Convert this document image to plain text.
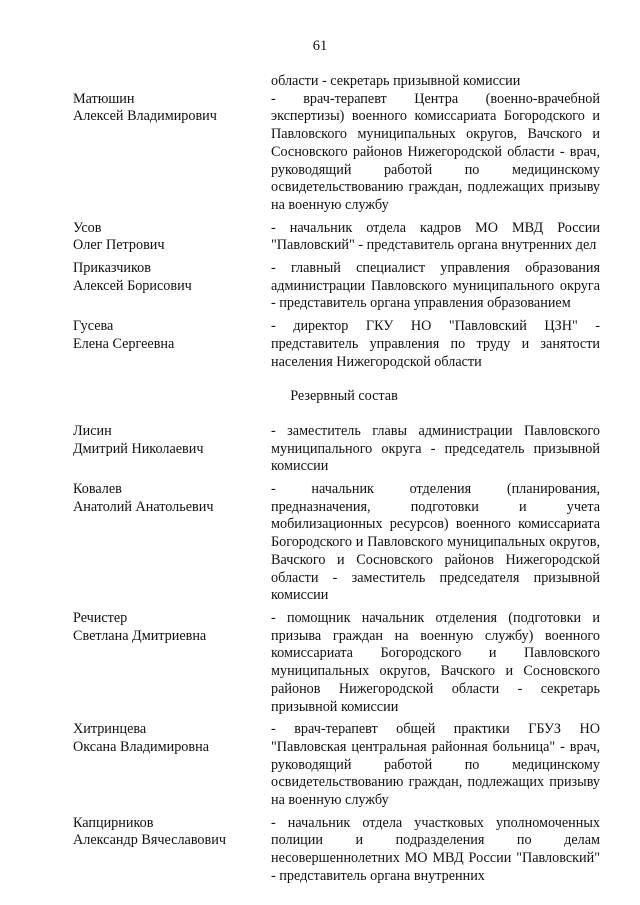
61
области - секретарь призывной комиссии
Матюшин
Алексей Владимирович
- врач-терапевт Центра (военно-врачебной экспертизы) военного комиссариата Богородского и Павловского муниципальных округов, Вачского и Сосновского районов Нижегородской области - врач, руководящий работой по медицинскому освидетельствованию граждан, подлежащих призыву на военную службу
Усов
Олег Петрович
- начальник отдела кадров МО МВД России "Павловский" - представитель органа внутренних дел
Приказчиков
Алексей Борисович
- главный специалист управления образования администрации Павловского муниципального округа - представитель органа управления образованием
Гусева
Елена Сергеевна
- директор ГКУ НО "Павловский ЦЗН" - представитель управления по труду и занятости населения Нижегородской области
Резервный состав
Лисин
Дмитрий Николаевич
- заместитель главы администрации Павловского муниципального округа - председатель призывной комиссии
Ковалев
Анатолий Анатольевич
- начальник отделения (планирования, предназначения, подготовки и учета мобилизационных ресурсов) военного комиссариата Богородского и Павловского муниципальных округов, Вачского и Сосновского районов Нижегородской области - заместитель председателя призывной комиссии
Речистер
Светлана Дмитриевна
- помощник начальник отделения (подготовки и призыва граждан на военную службу) военного комиссариата Богородского и Павловского муниципальных округов, Вачского и Сосновского районов Нижегородской области - секретарь призывной комиссии
Хитринцева
Оксана Владимировна
- врач-терапевт общей практики ГБУЗ НО "Павловская центральная районная больница" - врач, руководящий работой по медицинскому освидетельствованию граждан, подлежащих призыву на военную службу
Капцирников
Александр Вячеславович
- начальник отдела участковых уполномоченных полиции и подразделения по делам несовершеннолетних МО МВД России "Павловский" - представитель органа внутренних
